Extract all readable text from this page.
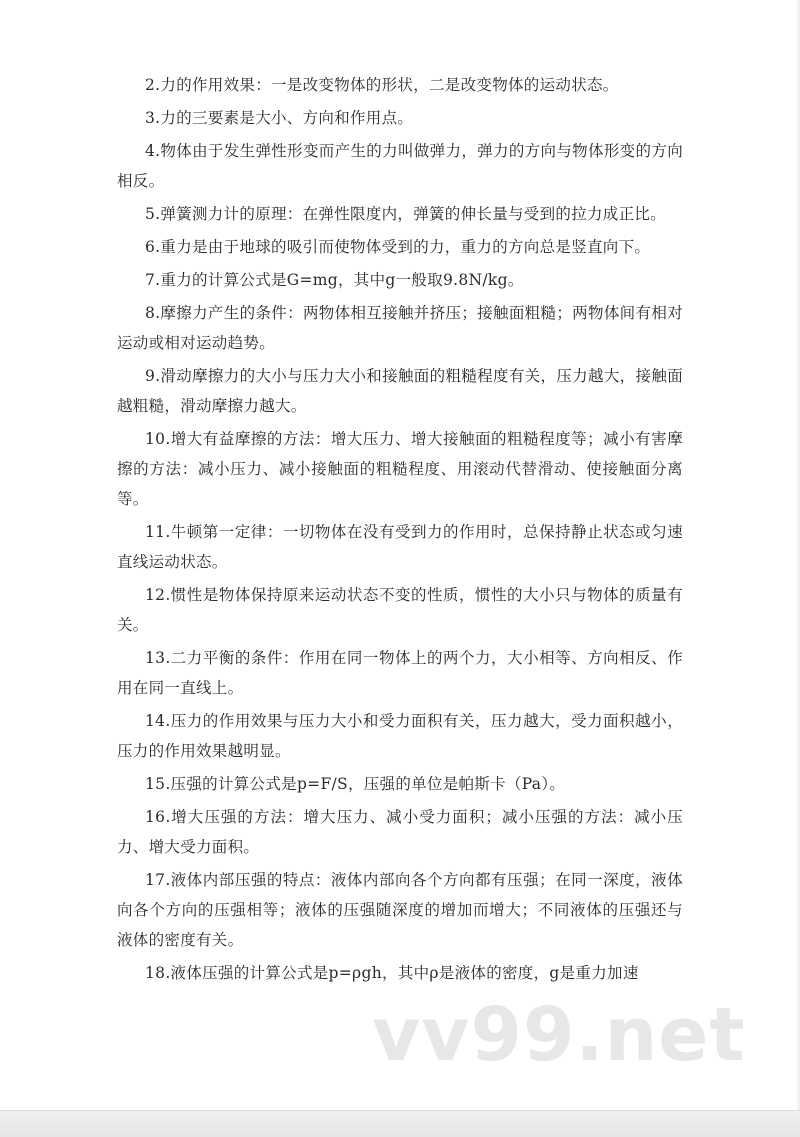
2.力的作用效果：一是改变物体的形状，二是改变物体的运动状态。

3.力的三要素是大小、方向和作用点。

4.物体由于发生弹性形变而产生的力叫做弹力，弹力的方向与物体形变的方向相反。

5.弹簧测力计的原理：在弹性限度内，弹簧的伸长量与受到的拉力成正比。

6.重力是由于地球的吸引而使物体受到的力，重力的方向总是竖直向下。

7.重力的计算公式是G=mg，其中g一般取9.8N/kg。

8.摩擦力产生的条件：两物体相互接触并挤压；接触面粗糙；两物体间有相对运动或相对运动趋势。

9.滑动摩擦力的大小与压力大小和接触面的粗糙程度有关，压力越大，接触面越粗糙，滑动摩擦力越大。

10.增大有益摩擦的方法：增大压力、增大接触面的粗糙程度等；减小有害摩擦的方法：减小压力、减小接触面的粗糙程度、用滚动代替滑动、使接触面分离等。

11.牛顿第一定律：一切物体在没有受到力的作用时，总保持静止状态或匀速直线运动状态。

12.惯性是物体保持原来运动状态不变的性质，惯性的大小只与物体的质量有关。

13.二力平衡的条件：作用在同一物体上的两个力，大小相等、方向相反、作用在同一直线上。

14.压力的作用效果与压力大小和受力面积有关，压力越大，受力面积越小，压力的作用效果越明显。

15.压强的计算公式是p=F/S，压强的单位是帕斯卡（Pa）。

16.增大压强的方法：增大压力、减小受力面积；减小压强的方法：减小压力、增大受力面积。

17.液体内部压强的特点：液体内部向各个方向都有压强；在同一深度，液体向各个方向的压强相等；液体的压强随深度的增加而增大；不同液体的压强还与液体的密度有关。

18.液体压强的计算公式是p=ρgh，其中ρ是液体的密度，g是重力加速

vv99.net
